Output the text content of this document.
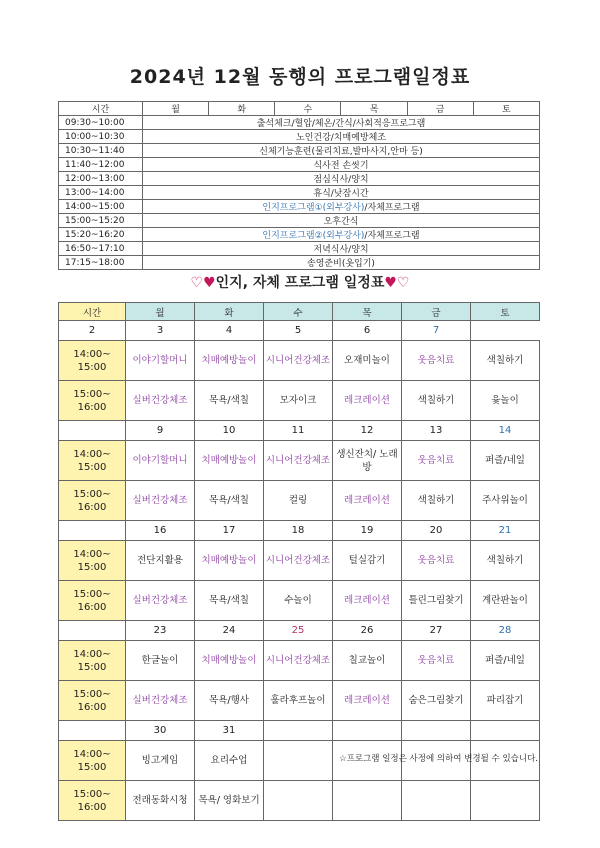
2024년 12월 동행의 프로그램일정표
시간	월	화	수	목	금	토
09:30~10:00	출석체크/혈압/체온/간식/사회적응프로그램					
10:00~10:30	노인건강/치매예방체조					
10:30~11:40	신체기능훈련(물리치료,발마사지,안마 등)					
11:40~12:00	식사전 손씻기					
12:00~13:00	점심식사/양치					
13:00~14:00	휴식/낮잠시간					
14:00~15:00	인지프로그램①(외부강사)/자체프로그램					
15:00~15:20	오후간식					
15:20~16:20	인지프로그램②(외부강사)/자체프로그램					
16:50~17:10	저녁식사/양치					
17:15~18:00	송영준비(옷입기)					
♡♥인지, 자체 프로그램 일정표♥♡
시간	월	화	수	목	금	토
2	3	4	5	6	7	
14:00~ 15:00	이야기할머니	치매예방놀이	시니어건강체조	오재미놀이	웃음치료	색칠하기
15:00~ 16:00	실버건강체조	목욕/색칠	모자이크	레크레이션	색칠하기	윷놀이
	9	10	11	12	13	14
14:00~ 15:00	이야기할머니	치매예방놀이	시니어건강체조	생신잔치/ 노래방	웃음치료	퍼즐/네일
15:00~ 16:00	실버건강체조	목욕/색칠	컬링	레크레이션	색칠하기	주사위놀이
	16	17	18	19	20	21
14:00~ 15:00	전단지활용	치매예방놀이	시니어건강체조	털실감기	웃음치료	색칠하기
15:00~ 16:00	실버건강체조	목욕/색칠	수놀이	레크레이션	틀린그림찾기	계란판놀이
	23	24	25	26	27	28
14:00~ 15:00	한글놀이	치매예방놀이	시니어건강체조	칠교놀이	웃음치료	퍼즐/네일
15:00~ 16:00	실버건강체조	목욕/행사	훌라후프놀이	레크레이션	숨은그림찾기	파리잡기
	30	31				
14:00~ 15:00	빙고게임	요리수업				
15:00~ 16:00	전래동화시청	목욕/ 영화보기				
☆프로그램 일정은 사정에 의하여 변경될 수 있습니다.
